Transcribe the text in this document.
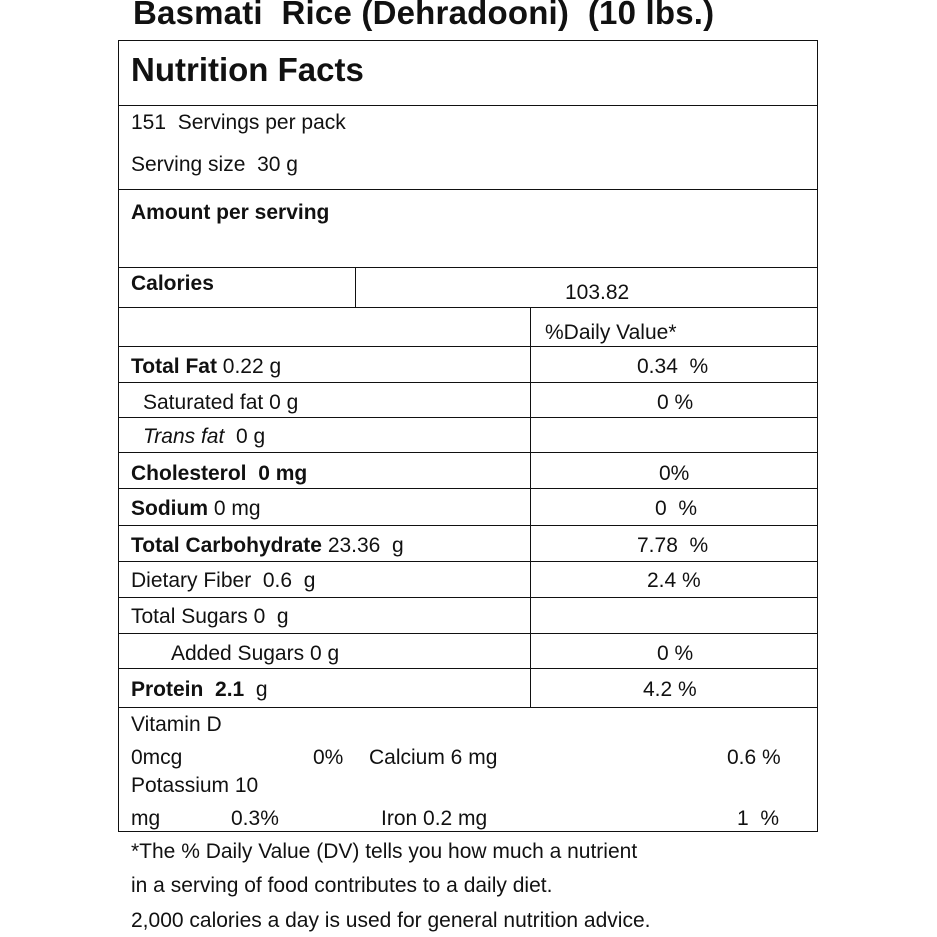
Basmati  Rice (Dehradooni)  (10 lbs.)
Nutrition Facts
151  Servings per pack
Serving size 30 g
Amount per serving
Calories	103.82
%Daily Value*
Total Fat 0.22 g	0.34  %
Saturated fat 0 g	0 %
Trans fat 0 g
Cholesterol 0 mg	0%
Sodium 0 mg	0  %
Total Carbohydrate 23.36  g	7.78  %
Dietary Fiber 0.6  g	2.4 %
Total Sugars 0  g
Added Sugars 0 g	0 %
Protein 2.1 g	4.2 %
Vitamin D
0mcg	0% Calcium 6 mg	0.6 %
Potassium 10
mg	0.3%	Iron 0.2 mg	1  %
*The % Daily Value (DV) tells you how much a nutrient
in a serving of food contributes to a daily diet.
2,000 calories a day is used for general nutrition advice.
